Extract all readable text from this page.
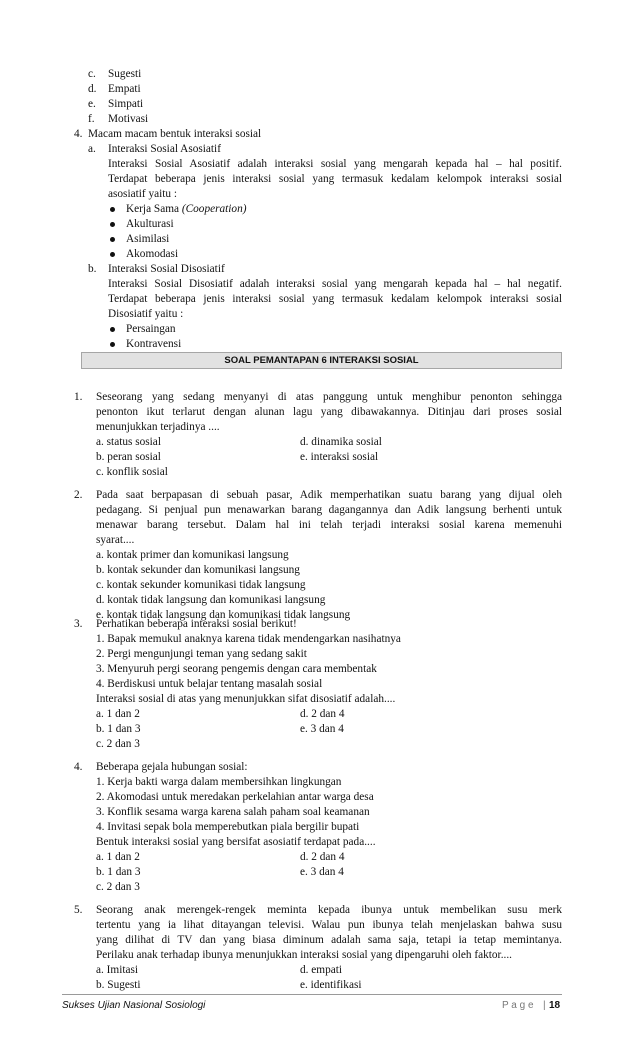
c. Sugesti
d. Empati
e. Simpati
f. Motivasi
4. Macam macam bentuk interaksi sosial
a. Interaksi Sosial Asosiatif
Interaksi Sosial Asosiatif adalah interaksi sosial yang mengarah kepada hal – hal positif.
Terdapat beberapa jenis interaksi sosial yang termasuk kedalam kelompok interaksi sosial
asosiatif yaitu :
Kerja Sama (Cooperation)
Akulturasi
Asimilasi
Akomodasi
b. Interaksi Sosial Disosiatif
Interaksi Sosial Disosiatif adalah interaksi sosial yang mengarah kepada hal – hal negatif.
Terdapat beberapa jenis interaksi sosial yang termasuk kedalam kelompok interaksi sosial
Disosiatif yaitu :
Persaingan
Kontravensi
SOAL PEMANTAPAN 6 INTERAKSI SOSIAL
1. Seseorang yang sedang menyanyi di atas panggung untuk menghibur penonton sehingga
penonton ikut terlarut dengan alunan lagu yang dibawakannya. Ditinjau dari proses sosial
menunjukkan terjadinya ....
a. status sosial	d. dinamika sosial
b. peran sosial	e. interaksi sosial
c. konflik sosial
2. Pada saat berpapasan di sebuah pasar, Adik memperhatikan suatu barang yang dijual oleh
pedagang. Si penjual pun menawarkan barang dagangannya dan Adik langsung berhenti untuk
menawar barang tersebut. Dalam hal ini telah terjadi interaksi sosial karena memenuhi
syarat....
a. kontak primer dan komunikasi langsung
b. kontak sekunder dan komunikasi langsung
c. kontak sekunder komunikasi tidak langsung
d. kontak tidak langsung dan komunikasi langsung
e. kontak tidak langsung dan komunikasi tidak langsung
3. Perhatikan beberapa interaksi sosial berikut!
1. Bapak memukul anaknya karena tidak mendengarkan nasihatnya
2. Pergi mengunjungi teman yang sedang sakit
3. Menyuruh pergi seorang pengemis dengan cara membentak
4. Berdiskusi untuk belajar tentang masalah sosial
Interaksi sosial di atas yang menunjukkan sifat disosiatif adalah....
a. 1 dan 2	d. 2 dan 4
b. 1 dan 3	e. 3 dan 4
c. 2 dan 3
4. Beberapa gejala hubungan sosial:
1. Kerja bakti warga dalam membersihkan lingkungan
2. Akomodasi untuk meredakan perkelahian antar warga desa
3. Konflik sesama warga karena salah paham soal keamanan
4. Invitasi sepak bola memperebutkan piala bergilir bupati
Bentuk interaksi sosial yang bersifat asosiatif terdapat pada....
a. 1 dan 2	d. 2 dan 4
b. 1 dan 3	e. 3 dan 4
c. 2 dan 3
5. Seorang anak merengek-rengek meminta kepada ibunya untuk membelikan susu merk
tertentu yang ia lihat ditayangan televisi. Walau pun ibunya telah menjelaskan bahwa susu
yang dilihat di TV dan yang biasa diminum adalah sama saja, tetapi ia tetap memintanya.
Perilaku anak terhadap ibunya menunjukkan interaksi sosial yang dipengaruhi oleh faktor....
a. Imitasi	d. empati
b. Sugesti	e. identifikasi
Sukses Ujian Nasional Sosiologi	P a g e | 18
